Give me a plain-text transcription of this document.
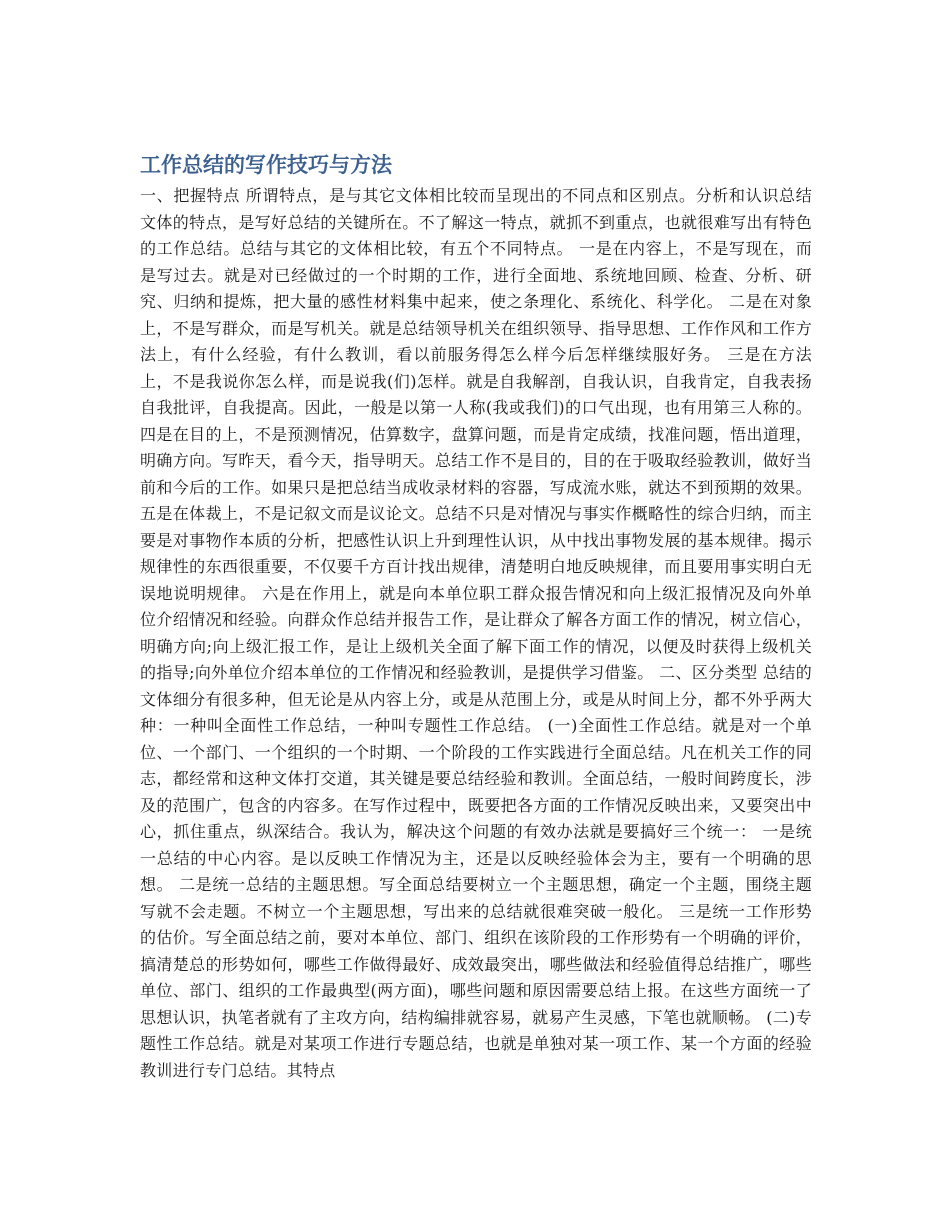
工作总结的写作技巧与方法

一、把握特点 所谓特点，是与其它文体相比较而呈现出的不同点和区别点。分析和认识总结文体的特点，是写好总结的关键所在。不了解这一特点，就抓不到重点，也就很难写出有特色的工作总结。总结与其它的文体相比较，有五个不同特点。 一是在内容上，不是写现在，而是写过去。就是对已经做过的一个时期的工作，进行全面地、系统地回顾、检查、分析、研究、归纳和提炼，把大量的感性材料集中起来，使之条理化、系统化、科学化。 二是在对象上，不是写群众，而是写机关。就是总结领导机关在组织领导、指导思想、工作作风和工作方法上，有什么经验，有什么教训，看以前服务得怎么样今后怎样继续服好务。 三是在方法上，不是我说你怎么样，而是说我(们)怎样。就是自我解剖，自我认识，自我肯定，自我表扬自我批评，自我提高。因此，一般是以第一人称(我或我们)的口气出现，也有用第三人称的。 四是在目的上，不是预测情况，估算数字，盘算问题，而是肯定成绩，找准问题，悟出道理，明确方向。写昨天，看今天，指导明天。总结工作不是目的，目的在于吸取经验教训，做好当前和今后的工作。如果只是把总结当成收录材料的容器，写成流水账，就达不到预期的效果。 五是在体裁上，不是记叙文而是议论文。总结不只是对情况与事实作概略性的综合归纳，而主要是对事物作本质的分析，把感性认识上升到理性认识，从中找出事物发展的基本规律。揭示规律性的东西很重要，不仅要千方百计找出规律，清楚明白地反映规律，而且要用事实明白无误地说明规律。 六是在作用上，就是向本单位职工群众报告情况和向上级汇报情况及向外单位介绍情况和经验。向群众作总结并报告工作，是让群众了解各方面工作的情况，树立信心，明确方向;向上级汇报工作，是让上级机关全面了解下面工作的情况，以便及时获得上级机关的指导;向外单位介绍本单位的工作情况和经验教训，是提供学习借鉴。 二、区分类型 总结的文体细分有很多种，但无论是从内容上分，或是从范围上分，或是从时间上分，都不外乎两大种：一种叫全面性工作总结，一种叫专题性工作总结。 (一)全面性工作总结。就是对一个单位、一个部门、一个组织的一个时期、一个阶段的工作实践进行全面总结。凡在机关工作的同志，都经常和这种文体打交道，其关键是要总结经验和教训。全面总结，一般时间跨度长，涉及的范围广，包含的内容多。在写作过程中，既要把各方面的工作情况反映出来，又要突出中心，抓住重点，纵深结合。我认为，解决这个问题的有效办法就是要搞好三个统一： 一是统一总结的中心内容。是以反映工作情况为主，还是以反映经验体会为主，要有一个明确的思想。 二是统一总结的主题思想。写全面总结要树立一个主题思想，确定一个主题，围绕主题写就不会走题。不树立一个主题思想，写出来的总结就很难突破一般化。 三是统一工作形势的估价。写全面总结之前，要对本单位、部门、组织在该阶段的工作形势有一个明确的评价，搞清楚总的形势如何，哪些工作做得最好、成效最突出，哪些做法和经验值得总结推广，哪些单位、部门、组织的工作最典型(两方面)，哪些问题和原因需要总结上报。在这些方面统一了思想认识，执笔者就有了主攻方向，结构编排就容易，就易产生灵感，下笔也就顺畅。 (二)专题性工作总结。就是对某项工作进行专题总结，也就是单独对某一项工作、某一个方面的经验教训进行专门总结。其特点
